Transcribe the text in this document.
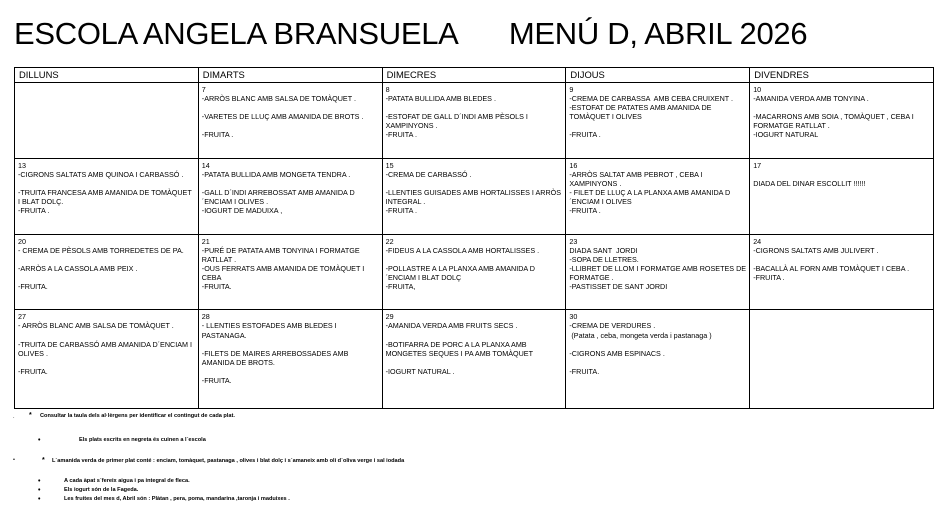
ESCOLA ANGELA BRANSUELA MENÚ D, ABRIL 2026
DILLUNS	DIMARTS	DIMECRES	DIJOUS	DIVENDRES

	7
-ARRÒS BLANC AMB SALSA DE TOMÀQUET .
-VARETES DE LLUÇ AMB AMANIDA DE BROTS .
-FRUITA .	8
-PATATA BULLIDA AMB BLEDES .
-ESTOFAT DE GALL D´INDI AMB PÈSOLS I XAMPINYONS .
-FRUITA .	9
-CREMA DE CARBASSA  AMB CEBA CRUIXENT .
-ESTOFAT DE PATATES AMB AMANIDA DE TOMÀQUET I OLIVES
-FRUITA .	10
-AMANIDA VERDA AMB TONYINA .
-MACARRONS AMB SOIA , TOMÀQUET , CEBA I FORMATGE RATLLAT .
-IOGURT NATURAL

13
-CIGRONS SALTATS AMB QUINOA I CARBASSÓ .
-TRUITA FRANCESA AMB AMANIDA DE TOMÀQUET I BLAT DOLÇ.
-FRUITA .	14
-PATATA BULLIDA AMB MONGETA TENDRA .
-GALL D´INDI ARREBOSSAT AMB AMANIDA D´ENCIAM I OLIVES .
-IOGURT DE MADUIXA ,	15
-CREMA DE CARBASSÓ .
-LLENTIES GUISADES AMB HORTALISSES I ARRÒS INTEGRAL .
-FRUITA .	16
-ARRÒS SALTAT AMB PEBROT , CEBA I XAMPINYONS .
- FILET DE LLUÇ A LA PLANXA AMB AMANIDA D´ENCIAM I OLIVES
-FRUITA .	17
DIADA DEL DINAR ESCOLLIT !!!!!!

20
- CREMA DE PÈSOLS AMB TORREDETES DE PA.
-ARRÒS A LA CASSOLA AMB PEIX .
-FRUITA.	21
-PURÉ DE PATATA AMB TONYINA I FORMATGE RATLLAT .
-OUS FERRATS AMB AMANIDA DE TOMÀQUET I CEBA
-FRUITA.	22
-FIDEUS A LA CASSOLA AMB HORTALISSES .
-POLLASTRE A LA PLANXA AMB AMANIDA D´ENCIAM I BLAT DOLÇ
-FRUITA,	23
DIADA SANT  JORDI
-SOPA DE LLETRES.
-LLIBRET DE LLOM I FORMATGE AMB ROSETES DE FORMATGE .
-PASTISSET DE SANT JORDI	24
-CIGRONS SALTATS AMB JULIVERT .
-BACALLÀ AL FORN AMB TOMÀQUET I CEBA .
-FRUITA .

27
- ARRÒS BLANC AMB SALSA DE TOMÀQUET .
-TRUITA DE CARBASSÓ AMB AMANIDA D´ENCIAM I OLIVES .
-FRUITA.	28
- LLENTIES ESTOFADES AMB BLEDES I PASTANAGA.
-FILETS DE MAIRES ARREBOSSADES AMB AMANIDA DE BROTS.
-FRUITA.	29
-AMANIDA VERDA AMB FRUITS SECS .
-BOTIFARRA DE PORC A LA PLANXA AMB MONGETES SEQUES I PA AMB TOMÀQUET
-IOGURT NATURAL .	30
-CREMA DE VERDURES .
(Patata , ceba, mongeta verda i pastanaga )
-CIGRONS AMB ESPINACS .
-FRUITA.	

. * Consultar la taula dels al·lèrgens per identificar el contingut de cada plat.
•	Els plats escrits en negreta és cuinen a l´escola
•	* L´amanida verda de primer plat conté : enciam, tomàquet, pastanaga , olives i blat dolç i s´amaneix amb oli d´oliva verge i sal iodada
•	A cada àpat s´fereix aigua i pa integral de fleca.
•	Els iogurt són de la Fageda.
•	Les fruites del mes d, Abril són : Plàtan , pera, poma, mandarina ,taronja i maduixes .
